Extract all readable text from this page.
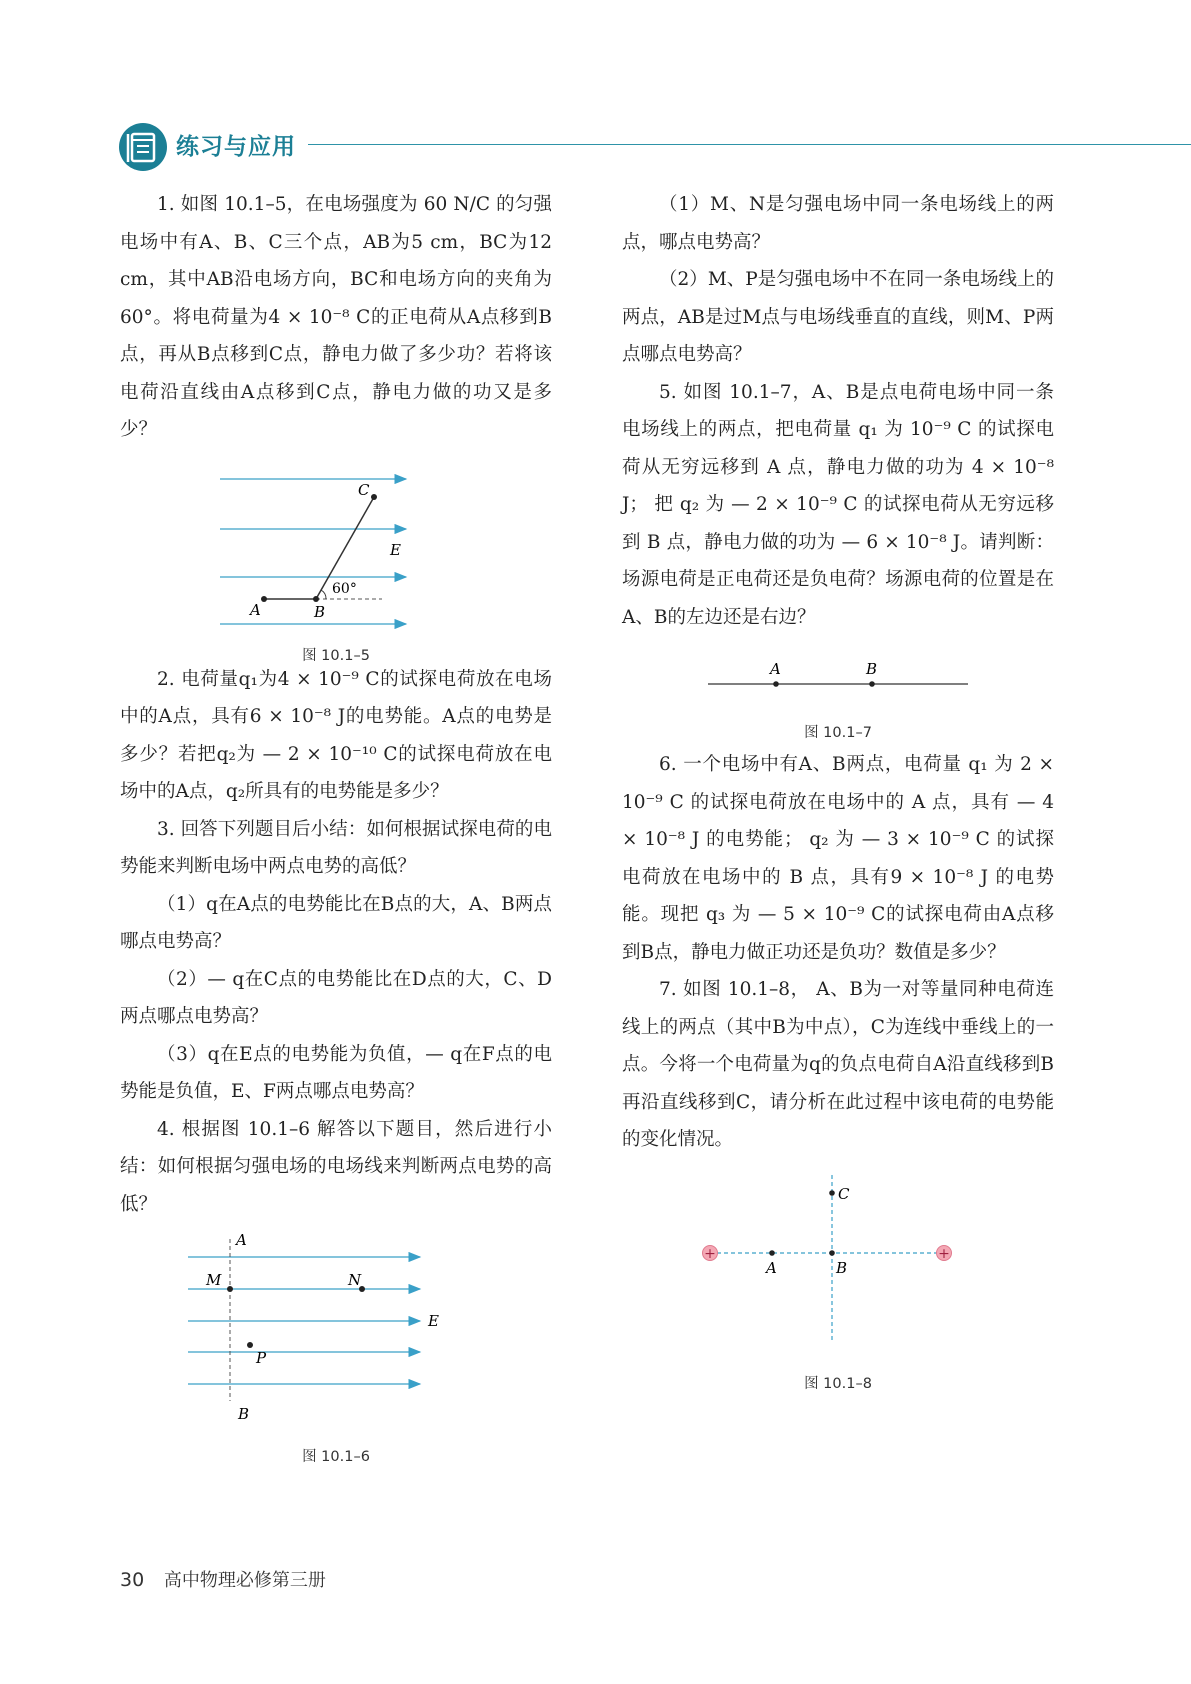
练习与应用

1. 如图 10.1–5，在电场强度为 60 N/C 的匀强电场中有A、B、C三个点，AB为5 cm，BC为12 cm，其中AB沿电场方向，BC和电场方向的夹角为60°。将电荷量为4 × 10⁻⁸ C的正电荷从A点移到B点，再从B点移到C点，静电力做了多少功？若将该电荷沿直线由A点移到C点，静电力做的功又是多少？

A	B
C
E
60°
图 10.1–5

2. 电荷量q₁为4 × 10⁻⁹ C的试探电荷放在电场中的A点，具有6 × 10⁻⁸ J的电势能。A点的电势是多少？若把q₂为 — 2 × 10⁻¹⁰ C的试探电荷放在电场中的A点，q₂所具有的电势能是多少？

3. 回答下列题目后小结：如何根据试探电荷的电势能来判断电场中两点电势的高低？

（1）q在A点的电势能比在B点的大，A、B两点哪点电势高？

（2）— q在C点的电势能比在D点的大，C、D两点哪点电势高？

（3）q在E点的电势能为负值，— q在F点的电势能是负值，E、F两点哪点电势高？

4. 根据图 10.1–6 解答以下题目，然后进行小结：如何根据匀强电场的电场线来判断两点电势的高低？

A
B
M	N
P
E
图 10.1–6

（1）M、N是匀强电场中同一条电场线上的两点，哪点电势高？

（2）M、P是匀强电场中不在同一条电场线上的两点，AB是过M点与电场线垂直的直线，则M、P两点哪点电势高？

5. 如图 10.1–7，A、B是点电荷电场中同一条电场线上的两点，把电荷量 q₁ 为 10⁻⁹ C 的试探电荷从无穷远移到 A 点，静电力做的功为 4 × 10⁻⁸ J； 把 q₂ 为 — 2 × 10⁻⁹ C 的试探电荷从无穷远移到 B 点，静电力做的功为 — 6 × 10⁻⁸ J。请判断：场源电荷是正电荷还是负电荷？场源电荷的位置是在A、B的左边还是右边？

A	B
图 10.1–7

6. 一个电场中有A、B两点，电荷量 q₁ 为 2 × 10⁻⁹ C 的试探电荷放在电场中的 A 点，具有 — 4 × 10⁻⁸ J 的电势能； q₂ 为 — 3 × 10⁻⁹ C 的试探电荷放在电场中的 B 点，具有9 × 10⁻⁸ J 的电势能。现把 q₃ 为 — 5 × 10⁻⁹ C的试探电荷由A点移到B点，静电力做正功还是负功？数值是多少？

7. 如图 10.1–8， A、B为一对等量同种电荷连线上的两点（其中B为中点），C为连线中垂线上的一点。今将一个电荷量为q的负点电荷自A沿直线移到B再沿直线移到C，请分析在此过程中该电荷的电势能的变化情况。

+	+
A	B
C
图 10.1–8
30 高中物理必修第三册
